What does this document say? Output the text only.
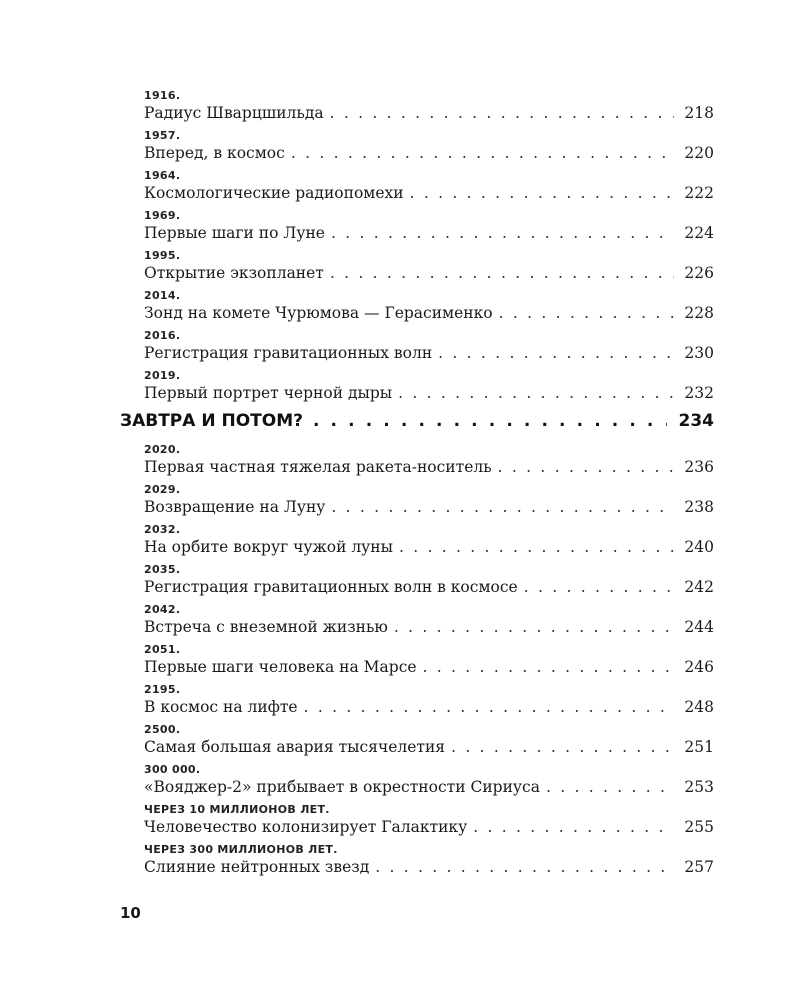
1916.
Радиус Шварцшильда . . .	218
1957.
Вперед, в космос . . .	220
1964.
Космологические радиопомехи . . .	222
1969.
Первые шаги по Луне . . .	224
1995.
Открытие экзопланет . . .	226
2014.
Зонд на комете Чурюмова — Герасименко . . .	228
2016.
Регистрация гравитационных волн . . .	230
2019.
Первый портрет черной дыры . . .	232
ЗАВТРА И ПОТОМ? . . .	234
2020.
Первая частная тяжелая ракета-носитель . . .	236
2029.
Возвращение на Луну . . .	238
2032.
На орбите вокруг чужой луны . . .	240
2035.
Регистрация гравитационных волн в космосе . . .	242
2042.
Встреча с внеземной жизнью . . .	244
2051.
Первые шаги человека на Марсе . . .	246
2195.
В космос на лифте . . .	248
2500.
Самая большая авария тысячелетия . . .	251
300 000.
«Вояджер-2» прибывает в окрестности Сириуса . . .	253
ЧЕРЕЗ 10 МИЛЛИОНОВ ЛЕТ.
Человечество колонизирует Галактику . . .	255
ЧЕРЕЗ 300 МИЛЛИОНОВ ЛЕТ.
Слияние нейтронных звезд . . .	257
10
